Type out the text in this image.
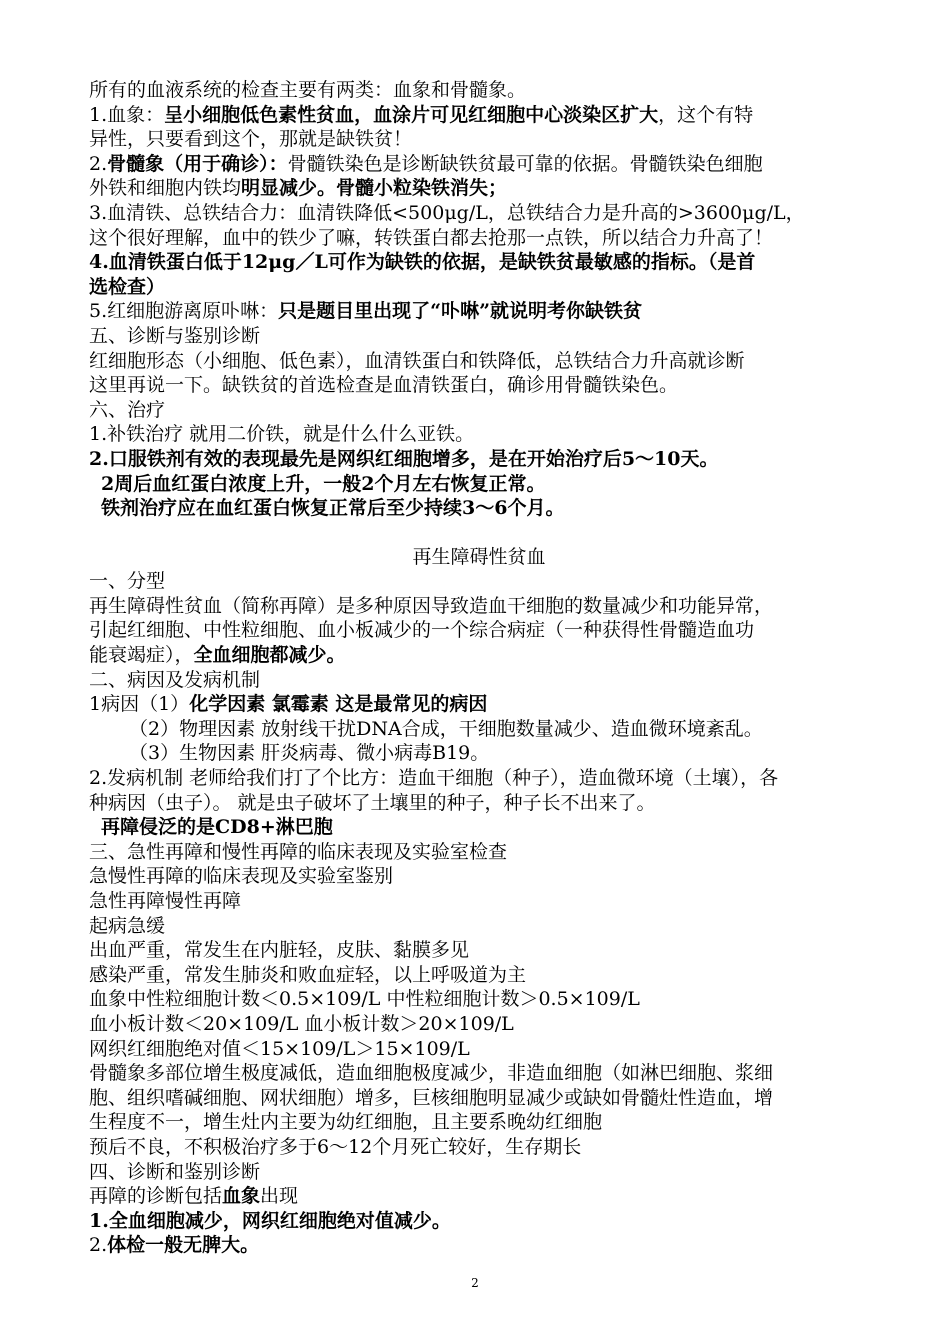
所有的血液系统的检查主要有两类：血象和骨髓象。
1.血象：呈小细胞低色素性贫血，血涂片可见红细胞中心淡染区扩大，这个有特
异性，只要看到这个，那就是缺铁贫！
2.骨髓象（用于确诊）：骨髓铁染色是诊断缺铁贫最可靠的依据。骨髓铁染色细胞
外铁和细胞内铁均明显减少。骨髓小粒染铁消失；
3.血清铁、总铁结合力：血清铁降低<500μg/L，总铁结合力是升高的>3600μg/L，
这个很好理解，血中的铁少了嘛，转铁蛋白都去抢那一点铁，所以结合力升高了！
4.血清铁蛋白低于12μg／L可作为缺铁的依据，是缺铁贫最敏感的指标。（是首
选检查）
5.红细胞游离原卟啉：只是题目里出现了“卟啉”就说明考你缺铁贫
五、诊断与鉴别诊断
红细胞形态（小细胞、低色素），血清铁蛋白和铁降低，总铁结合力升高就诊断
这里再说一下。缺铁贫的首选检查是血清铁蛋白，确诊用骨髓铁染色。
六、治疗
1.补铁治疗 就用二价铁，就是什么什么亚铁。
2.口服铁剂有效的表现最先是网织红细胞增多，是在开始治疗后5～10天。
2周后血红蛋白浓度上升，一般2个月左右恢复正常。
铁剂治疗应在血红蛋白恢复正常后至少持续3～6个月。
再生障碍性贫血
一、分型
再生障碍性贫血（简称再障）是多种原因导致造血干细胞的数量减少和功能异常，
引起红细胞、中性粒细胞、血小板减少的一个综合病症（一种获得性骨髓造血功
能衰竭症），全血细胞都减少。
二、病因及发病机制
1病因（1）化学因素 氯霉素 这是最常见的病因
（2）物理因素 放射线干扰DNA合成，干细胞数量减少、造血微环境紊乱。
（3）生物因素 肝炎病毒、微小病毒B19。
2.发病机制 老师给我们打了个比方：造血干细胞（种子），造血微环境（土壤），各
种病因（虫子）。 就是虫子破坏了土壤里的种子，种子长不出来了。
再障侵泛的是CD8+淋巴胞
三、急性再障和慢性再障的临床表现及实验室检查
急慢性再障的临床表现及实验室鉴别
急性再障慢性再障
起病急缓
出血严重，常发生在内脏轻，皮肤、黏膜多见
感染严重，常发生肺炎和败血症轻，以上呼吸道为主
血象中性粒细胞计数＜0.5×109/L 中性粒细胞计数＞0.5×109/L
血小板计数＜20×109/L 血小板计数＞20×109/L
网织红细胞绝对值＜15×109/L＞15×109/L
骨髓象多部位增生极度减低，造血细胞极度减少，非造血细胞（如淋巴细胞、浆细
胞、组织嗜碱细胞、网状细胞）增多，巨核细胞明显减少或缺如骨髓灶性造血，增
生程度不一，增生灶内主要为幼红细胞，且主要系晚幼红细胞
预后不良，不积极治疗多于6～12个月死亡较好，生存期长
四、诊断和鉴别诊断
再障的诊断包括血象出现
1.全血细胞减少，网织红细胞绝对值减少。
2.体检一般无脾大。
2
